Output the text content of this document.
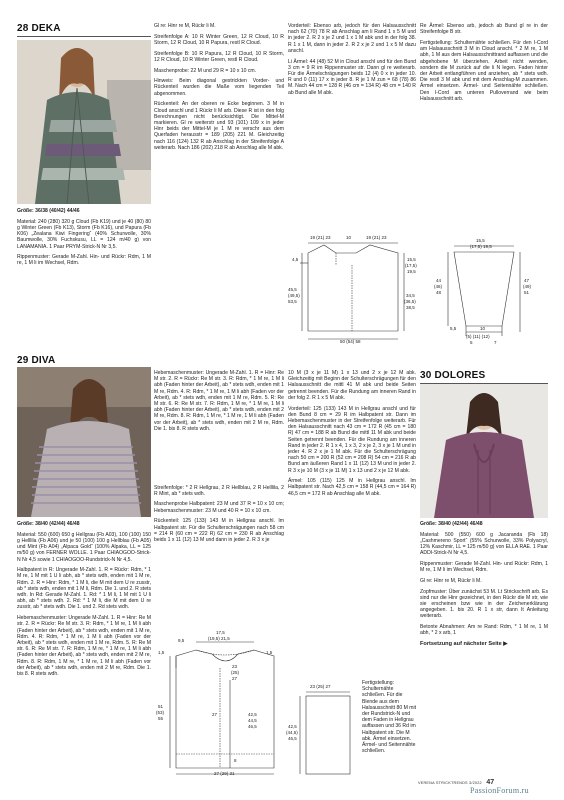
28 DEKA

Größe: 36/38 (40/42) 44/46

Material: 240 (280) 320 g Cloud (Fb K19) und je 40 (80) 80 g Winter Green (Fb K13), Storm (Fb K16), und Papura (Fb K06) „Zealana Kiwi Fingering“ (40% Schurwolle, 30% Baumwolle, 30% Fuchskusu, LL = 124 m/40 g) von LANAMANIA. 1 Paar PRYM-Strick-N Nr 3,5.

Rippenmuster: Gerade M-Zahl. Hin- und Rückr: Rdm, 1 M re, 1 M li im Wechsel, Rdm.

Gl re: Hinr re M, Rückr li M.

Streifenfolge A: 10 R Winter Green, 12 R Cloud, 10 R Storm, 12 R Cloud, 10 R Papura, restl R Cloud.

Streifenfolge B: 10 R Papura, 12 R Cloud, 10 R Storm, 12 R Cloud, 10 R Winter Green, restl R Cloud.

Maschenprobe: 22 M und 29 R = 10 x 10 cm.

Hinweis: Beim diagonal gestrickten Vorder- und Rückenteil wurden die Maße vom liegenden Teil abgenommen.

Rückenteil: An der oberen re Ecke beginnen. 3 M in Cloud anschl und 1 Rückr li M arb. Diese R ist in den folg Berechnungen nicht berücksichtigt. Die Mittel-M markieren. Gl re weiterstr und 93 (101) 109 x in jeder Hinr beids der Mittel-M je 1 M re verschr aus dem Querfaden herausstr = 189 (205) 221 M. Gleichzeitig nach 116 (124) 132 R ab Anschlag in der Streifenfolge A weiterarb. Nach 186 (202) 218 R ab Anschlag alle M abk.

Vorderteil: Ebenso arb, jedoch für den Halsausschnitt nach 62 (70) 78 R ab Anschlag am li Rand 1 x 5 M und in jeder 2. R 2 x je 2 und 1 x 1 M abk und in der folg 38. R 1 x 1 M, dann in jeder 2. R 2 x je 2 und 1 x 5 M dazu anschl.

Li Ärmel: 44 (48) 52 M in Cloud anschl und für den Bund 3 cm = 9 R im Rippenmuster str. Dann gl re weiterarb. Für die Ärmelschrägungen beids 12 (4) 0 x in jeder 10. R und 0 (11) 17 x in jeder 8. R je 1 M zun = 68 (78) 86 M. Nach 44 cm = 128 R (46 cm = 134 R) 48 cm = 140 R ab Bund alle M abk.

Re Ärmel: Ebenso arb, jedoch ab Bund gl re in der Streifenfolge B str.

Fertigstellung: Schulternähte schließen. Für den I-Cord am Halsausschnitt 3 M in Cloud anschl. * 2 M re, 1 M abh, 1 M aus dem Halsausschnittrand auffassen und die abgehobene M überziehen. Arbeit nicht wenden, sondern die M zurück auf die li N legen. Faden hinter der Arbeit entlangführen und anziehen, ab * stets wdh. Die restl 3 M abk und mit dem Anschlag-M zusammen. Ärmel einsetzen. Ärmel- und Seitennähte schließen. Den I-Cord am unteren Pulloverrand wie beim Halsausschnitt arb.

19 (21) 23	10	19 (21) 23
4,5
45,5
(49,5)
53,5
15,5
(17,5)
19,5
34,5
(36,5)
38,5
50 (54) 58
15,5
(17,5) 19,5
44
(46)
48
47
(49)
51
5,5	10
(5) (11) (12)
5	7
29 DIVA

Größe: 38/40 (42/44) 46/48

Material: 550 (600) 650 g Hellgrau (Fb A03), 100 (100) 150 g Helllila (Fb A06) und je 50 (100) 100 g Hellblau (Fb A05) und Mint (Fb A04) „Alpaca Gold“ (100% Alpaka, LL = 125 m/50 g) von FERNER WOLLE. 1 Paar CHIAOGOO-Strick-N Nr 4,5 sowie 1 CHIAOGOO-Rundstrick-N Nr 4,5.

Halbpatent in R: Ungerade M-Zahl. 1. R = Rückr: Rdm, * 1 M re, 1 M mit 1 U li abh, ab * stets wdh, enden mit 1 M re, Rdm. 2. R = Hinr: Rdm, * 1 M li, die M mit dem U re zusstr, ab * stets wdh, enden mit 1 M li, Rdm. Die 1. und 2. R stets wdh. In Rd: Gerade M-Zahl. 1. Rd: * 1 M li, 1 M mit 1 U li abh, ab * stets wdh. 2. Rd: * 1 M li, die M mit dem U re zusstr, ab * stets wdh. Die 1. und 2. Rd stets wdh.

Hebemaschenmuster: Ungerade M-Zahl. 1. R = Hinr: Re M str. 2. R = Rückr: Re M str. 3. R: Rdm, * 1 M re, 1 M li abh (Faden hinter der Arbeit), ab * stets wdh, enden mit 1 M re, Rdm. 4. R: Rdm, * 1 M re, 1 M li abh (Faden vor der Arbeit), ab * stets wdh, enden mit 1 M re, Rdm. 5. R: Re M str. 6. R: Re M str. 7. R: Rdm, 1 M re, * 1 M re, 1 M li abh (Faden hinter der Arbeit), ab * stets wdh, enden mit 2 M re, Rdm. 8. R: Rdm, 1 M re, * 1 M re, 1 M li abh (Faden vor der Arbeit), ab * stets wdh, enden mit 2 M re, Rdm. Die 1. bis 8. R stets wdh.

Hebemaschenmuster: Ungerade M-Zahl. 1. R = Hinr: Re M str. 2. R = Rückr: Re M str. 3. R: Rdm, * 1 M re, 1 M li abh (Faden hinter der Arbeit), ab * stets wdh, enden mit 1 M re, Rdm. 4. R: Rdm, * 1 M re, 1 M li abh (Faden vor der Arbeit), ab * stets wdh, enden mit 1 M re, Rdm. 5. R: Re M str. 6. R: Re M str. 7. R: Rdm, 1 M re, * 1 M re, 1 M li abh (Faden hinter der Arbeit), ab * stets wdh, enden mit 2 M re, Rdm. 8. R: Rdm, 1 M re, * 1 M re, 1 M li abh (Faden vor der Arbeit), ab * stets wdh, enden mit 2 M re, Rdm. Die 1. bis 8. R stets wdh.

Streifenfolge: * 2 R Hellgrau, 2 R Hellblau, 2 R Helllila, 2 R Mint, ab * stets wdh.

Maschenprobe Halbpatent: 23 M und 37 R = 10 x 10 cm; Hebemaschenmuster: 23 M und 40 R = 10 x 10 cm.

Rückenteil: 125 (133) 143 M in Hellgrau anschl. Im Halbpatent str. Für die Schulterschrägungen nach 58 cm = 214 R (60 cm = 222 R) 62 cm = 230 R ab Anschlag beids 1 x 11 (12) 13 M und dann in jeder 2. R 3 x je

10 M (3 x je 11 M) 1 x 13 und 2 x je 12 M abk. Gleichzeitig mit Beginn der Schulterschrägungen für den Halsausschnitt die mittl 41 M abk und beide Seiten getrennt beenden. Für die Rundung am inneren Rand in der folg 2. R 1 x 5 M abk.

Vorderteil: 125 (133) 143 M in Hellgrau anschl und für den Bund 8 cm = 29 R im Halbpatent str. Dann im Hebemaschenmuster in der Streifenfolge weiterarb. Für den Halsausschnitt nach 43 cm = 172 R (45 cm = 180 R) 47 cm = 188 R ab Bund die mittl 11 M abk und beide Seiten getrennt beenden. Für die Rundung am inneren Rand in jeder 2. R 1 x 4, 1 x 3, 2 x je 2, 3 x je 1 M und in jeder 4. R 2 x je 1 M abk. Für die Schulterschrägung nach 50 cm = 200 R (52 cm = 208 R) 54 cm = 216 R ab Bund am äußeren Rand 1 x 11 (12) 13 M und in jeder 2. R 3 x je 10 M (3 x je 11 M) 1 x 13 und 2 x je 12 M abk.

Ärmel: 105 (115) 125 M in Hellgrau anschl. Im Halbpatent str. Nach 42,5 cm = 158 R (44,5 cm = 164 R) 46,5 cm = 172 R ab Anschlag alle M abk.

Fertigstellung: Schulternähte schließen. Für die Blende aus dem Halsausschnitt 80 M mit der Rundstrick-N und dem Faden in Hellgrau auffassen und 36 Rd im Halbpatent str. Die M abk. Ärmel einsetzen. Ärmel- und Seitennähte schließen.

17,5
(19,5) 21,5
9,5
1,5	1,5
23
(25)
27
51
(53)
55
27	42,5
44,5
46,5
8
27 (29) 31
23 (25) 27
42,5
(44,5)
46,5
30 DOLORES

Größe: 38/40 (42/44) 46/48

Material: 500 (550) 600 g Jacaranda (Fb 18) „Cashmereno Sport“ (55% Schurwolle, 33% Polyacryl, 12% Kaschmir, LL = 125 m/50 g) von ELLA RAE. 1 Paar ADDI-Strick-N Nr 4,5.

Rippenmuster: Gerade M-Zahl. Hin- und Rückr: Rdm, 1 M re, 1 M li im Wechsel, Rdm.

Gl re: Hinr re M, Rückr li M.

Zopfmuster: Über zunächst 53 M. Lt Strickschrift arb. Es sind nur die Hinr gezeichnet, in den Rückr die M str, wie sie erscheinen bzw wie in der Zeichenerklärung angegeben. 1. bis 20. R 1 x str, dann It Anleitung weiterarb.

Betonte Abnahmen: Am re Rand: Rdm, * 1 M re, 1 M abh, * 2 x arb, 1

Fortsetzung auf nächster Seite ▶

VERENA STRICKTRENDS 3/2022 47
PassionForum.ru
